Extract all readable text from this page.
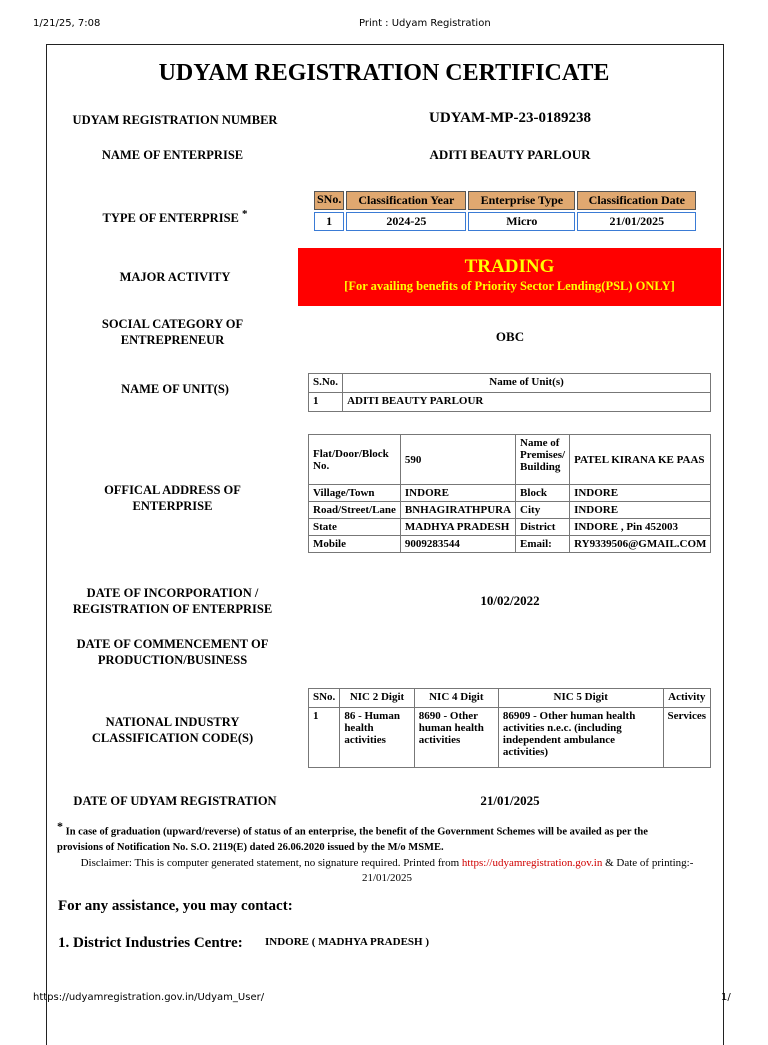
1/21/25, 7:08	Print : Udyam Registration
UDYAM REGISTRATION CERTIFICATE
UDYAM REGISTRATION NUMBER	UDYAM-MP-23-0189238
NAME OF ENTERPRISE	ADITI BEAUTY PARLOUR
TYPE OF ENTERPRISE *
SNo.	Classification Year	Enterprise Type	Classification Date
1	2024-25	Micro	21/01/2025
MAJOR ACTIVITY	TRADING
[For availing benefits of Priority Sector Lending(PSL) ONLY]
SOCIAL CATEGORY OF ENTREPRENEUR	OBC
NAME OF UNIT(S)	S.No.	Name of Unit(s)
1	ADITI BEAUTY PARLOUR
OFFICAL ADDRESS OF ENTERPRISE
Flat/Door/Block No.	590	Name of Premises/ Building	PATEL KIRANA KE PAAS
Village/Town	INDORE	Block	INDORE
Road/Street/Lane	BNHAGIRATHPURA	City	INDORE
State	MADHYA PRADESH	District	INDORE , Pin 452003
Mobile	9009283544	Email:	RY9339506@GMAIL.COM
DATE OF INCORPORATION / REGISTRATION OF ENTERPRISE
10/02/2022
DATE OF COMMENCEMENT OF PRODUCTION/BUSINESS
NATIONAL INDUSTRY CLASSIFICATION CODE(S)
SNo.	NIC 2 Digit	NIC 4 Digit	NIC 5 Digit	Activity
1	86 - Human health activities	8690 - Other human health activities	86909 - Other human health activities n.e.c. (including independent ambulance activities)	Services
DATE OF UDYAM REGISTRATION	21/01/2025
* In case of graduation (upward/reverse) of status of an enterprise, the benefit of the Government Schemes will be availed as per the
provisions of Notification No. S.O. 2119(E) dated 26.06.2020 issued by the M/o MSME.
Disclaimer: This is computer generated statement, no signature required. Printed from https://udyamregistration.gov.in & Date of printing:-
21/01/2025
For any assistance, you may contact:
1. District Industries Centre: INDORE ( MADHYA PRADESH )
https://udyamregistration.gov.in/Udyam_User/	1/
